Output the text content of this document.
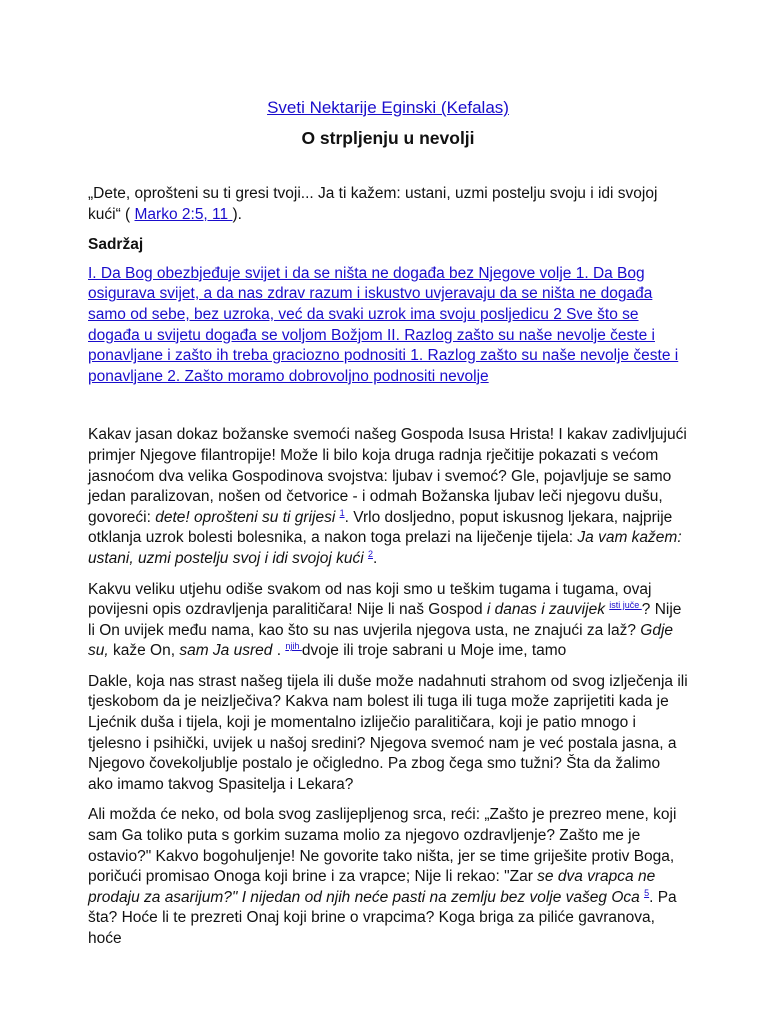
Sveti Nektarije Eginski (Kefalas)
O strpljenju u nevolji

„Dete, oprošteni su ti gresi tvoji... Ja ti kažem: ustani, uzmi postelju svoju i idi svojoj kući“ ( Marko 2:5, 11 ).

Sadržaj

I. Da Bog obezbjeđuje svijet i da se ništa ne događa bez Njegove volje 1. Da Bog osigurava svijet, a da nas zdrav razum i iskustvo uvjeravaju da se ništa ne događa samo od sebe, bez uzroka, već da svaki uzrok ima svoju posljedicu 2 Sve što se događa u svijetu događa se voljom Božjom II. Razlog zašto su naše nevolje česte i ponavljane i zašto ih treba graciozno podnositi 1. Razlog zašto su naše nevolje česte i ponavljane 2. Zašto moramo dobrovoljno podnositi nevolje

Kakav jasan dokaz božanske svemoći našeg Gospoda Isusa Hrista! I kakav zadivljujući primjer Njegove filantropije! Može li bilo koja druga radnja rječitije pokazati s većom jasnoćom dva velika Gospodinova svojstva: ljubav i svemoć? Gle, pojavljuje se samo jedan paralizovan, nošen od četvorice - i odmah Božanska ljubav leči njegovu dušu, govoreći: dete! oprošteni su ti grijesi $^1$. Vrlo dosljedno, poput iskusnog ljekara, najprije otklanja uzrok bolesti bolesnika, a nakon toga prelazi na liječenje tijela: Ja vam kažem: ustani, uzmi postelju svoj i idi svojoj kući $^2$.

Kakvu veliku utjehu odiše svakom od nas koji smo u teškim tugama i tugama, ovaj povijesni opis ozdravljenja paralitičara! Nije li naš Gospod i danas i zauvijek $^{isti juče}$ ? Nije li On uvijek među nama, kao što su nas uvjerila njegova usta, ne znajući za laž? Gdje su, kaže On, sam Ja usred . $^{njih}$ dvoje ili troje sabrani u Moje ime, tamo

Dakle, koja nas strast našeg tijela ili duše može nadahnuti strahom od svog izlječenja ili tjeskobom da je neizlječiva? Kakva nam bolest ili tuga ili tuga može zaprijetiti kada je Ljećnik duša i tijela, koji je momentalno izliječio paralitičara, koji je patio mnogo i tjelesno i psihički, uvijek u našoj sredini? Njegova svemoć nam je već postala jasna, a Njegovo čovekoljublje postalo je očigledno. Pa zbog čega smo tužni? Šta da žalimo ako imamo takvog Spasitelja i Lekara?

Ali možda će neko, od bola svog zaslijepljenog srca, reći: „Zašto je prezreo mene, koji sam Ga toliko puta s gorkim suzama molio za njegovo ozdravljenje? Zašto me je ostavio?" Kakvo bogohuljenje! Ne govorite tako ništa, jer se time griješite protiv Boga, poričući promisao Onoga koji brine i za vrapce; Nije li rekao: "Zar se dva vrapca ne prodaju za asarijum?" I nijedan od njih neće pasti na zemlju bez volje vašeg Oca $^5$. Pa šta? Hoće li te prezreti Onaj koji brine o vrapcima? Koga briga za piliće gavranova, hoće
